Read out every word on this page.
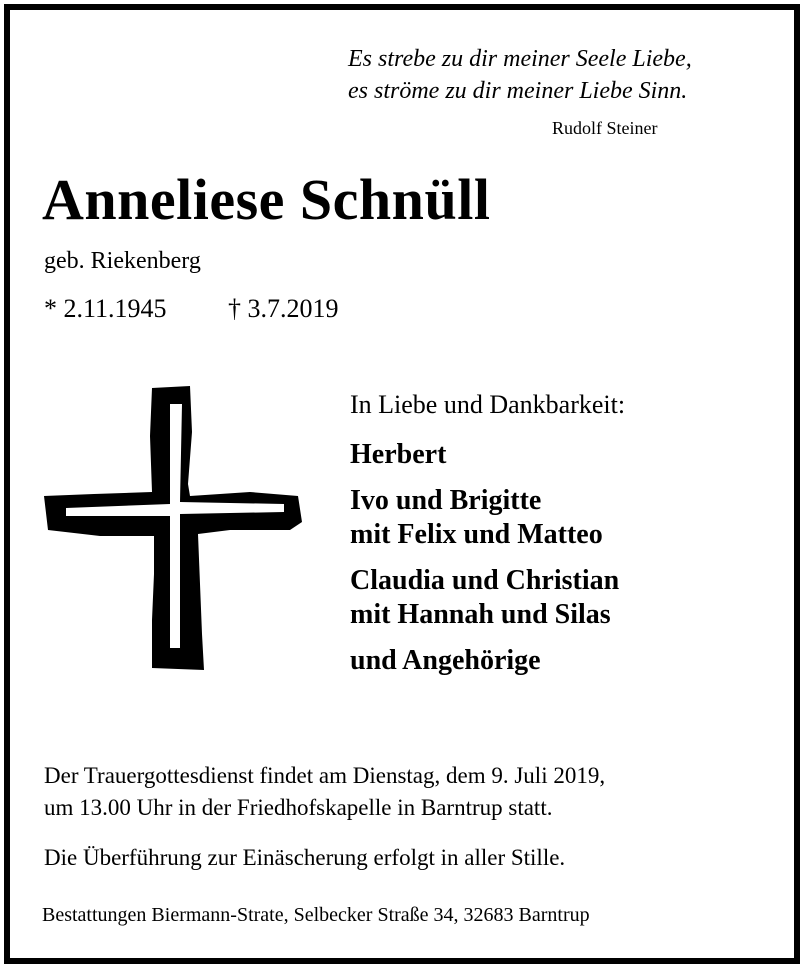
Es strebe zu dir meiner Seele Liebe,
es ströme zu dir meiner Liebe Sinn.
Rudolf Steiner
Anneliese Schnüll
geb. Riekenberg
* 2.11.1945 † 3.7.2019
In Liebe und Dankbarkeit:
Herbert
Ivo und Brigitte
mit Felix und Matteo
Claudia und Christian
mit Hannah und Silas
und Angehörige
Der Trauergottesdienst findet am Dienstag, dem 9. Juli 2019,
um 13.00 Uhr in der Friedhofskapelle in Barntrup statt.
Die Überführung zur Einäscherung erfolgt in aller Stille.
Bestattungen Biermann-Strate, Selbecker Straße 34, 32683 Barntrup
